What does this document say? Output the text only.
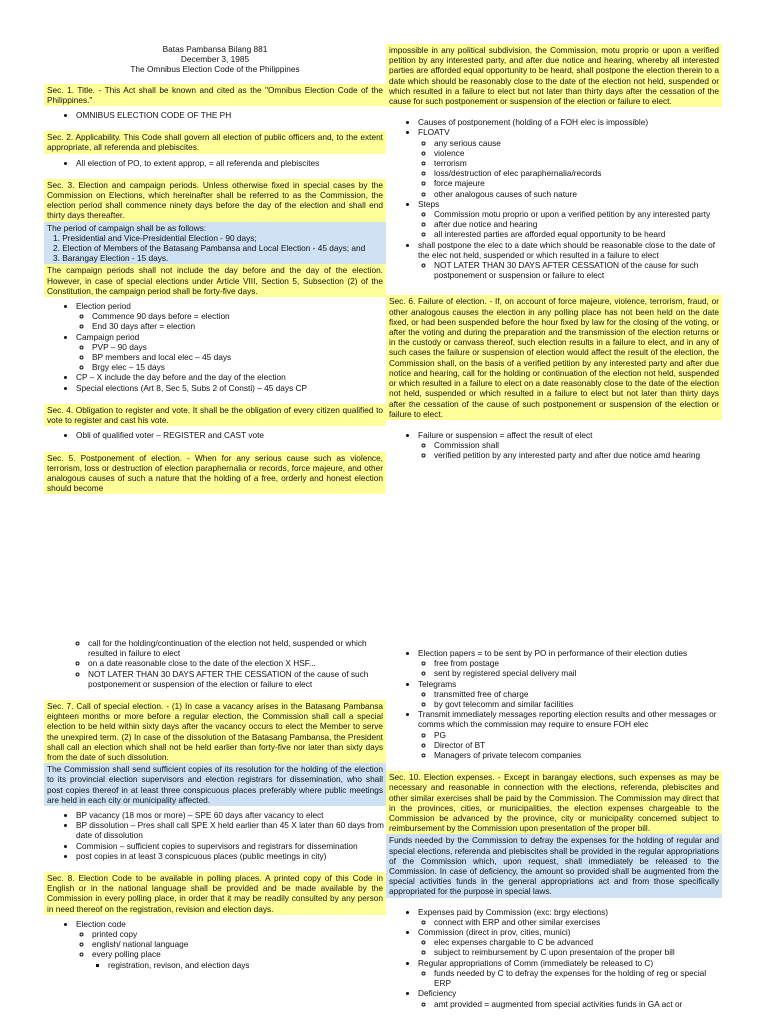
Batas Pambansa Bilang 881
December 3, 1985
The Omnibus Election Code of the Philippines

Sec. 1. Title. - This Act shall be known and cited as the "Omnibus Election Code of the Philippines."

• OMNIBUS ELECTION CODE OF THE PH

Sec. 2. Applicability. This Code shall govern all election of public officers and, to the extent appropriate, all referenda and plebiscites.

• All election of PO, to extent approp, = all referenda and plebiscites

Sec. 3. Election and campaign periods. Unless otherwise fixed in special cases by the Commission on Elections, which hereinafter shall be referred to as the Commission, the election period shall commence ninety days before the day of the election and shall end thirty days thereafter.

The period of campaign shall be as follows:
1. Presidential and Vice-Presidential Election - 90 days;
2. Election of Members of the Batasang Pambansa and Local Election - 45 days; and
3. Barangay Election - 15 days.

The campaign periods shall not include the day before and the day of the election. However, in case of special elections under Article VIII, Section 5, Subsection (2) of the Constitution, the campaign period shall be forty-five days.

• Election period
◦ Commence 90 days before = election
◦ End 30 days after = election
• Campaign period
◦ PVP – 90 days
◦ BP members and local elec – 45 days
◦ Brgy elec – 15 days
• CP – X include the day before and the day of the election
• Special elections (Art 8, Sec 5, Subs 2 of Consti) – 45 days CP

Sec. 4. Obligation to register and vote. It shall be the obligation of every citizen qualified to vote to register and cast his vote.

• Obli of qualified voter – REGISTER and CAST vote

Sec. 5. Postponement of election. - When for any serious cause such as violence, terrorism, loss or destruction of election paraphernalia or records, force majeure, and other analogous causes of such a nature that the holding of a free, orderly and honest election should become

impossible in any political subdivision, the Commission, motu proprio or upon a verified petition by any interested party, and after due notice and hearing, whereby all interested parties are afforded equal opportunity to be heard, shall postpone the election therein to a date which should be reasonably close to the date of the election not held, suspended or which resulted in a failure to elect but not later than thirty days after the cessation of the cause for such postponement or suspension of the election or failure to elect.

• Causes of postponement (holding of a FOH elec is impossible)
• FLOATV
◦ any serious cause
◦ violence
◦ terrorism
◦ loss/destruction of elec paraphernalia/records
◦ force majeure
◦ other analogous causes of such nature
• Steps
◦ Commission motu proprio or upon a verified petition by any interested party
◦ after due notice and hearing
◦ all interested parties are afforded equal opportunity to be heard
• shall postpone the elec to a date which should be reasonable close to the date of the elec not held, suspended or which resulted in a failure to elect
◦ NOT LATER THAN 30 DAYS AFTER CESSATION of the cause for such postponement or suspension or failure to elect

Sec. 6. Failure of election. - If, on account of force majeure, violence, terrorism, fraud, or other analogous causes the election in any polling place has not been held on the date fixed, or had been suspended before the hour fixed by law for the closing of the voting, or after the voting and during the preparation and the transmission of the election returns or in the custody or canvass thereof, such election results in a failure to elect, and in any of such cases the failure or suspension of election would affect the result of the election, the Commission shall, on the basis of a verified petition by any interested party and after due notice and hearing, call for the holding or continuation of the election not held, suspended or which resulted in a failure to elect on a date reasonably close to the date of the election not held, suspended or which resulted in a failure to elect but not later than thirty days after the cessation of the cause of such postponement or suspension of the election or failure to elect.

• Failure or suspension = affect the result of elect
◦ Commission shall
◦ verified petition by any interested party and after due notice amd hearing
◦ call for the holding/continuation of the election not held, suspended or which resulted in failure to elect
◦ on a date reasonable close to the date of the election X HSF...
◦ NOT LATER THAN 30 DAYS AFTER THE CESSATION of the cause of such postponement or suspension of the election or failure to elect

Sec. 7. Call of special election. - (1) In case a vacancy arises in the Batasang Pambansa eighteen months or more before a regular election, the Commission shall call a special election to be held within sixty days after the vacancy occurs to elect the Member to serve the unexpired term. (2) In case of the dissolution of the Batasang Pambansa, the President shall call an election which shall not be held earlier than forty-five nor later than sixty days from the date of such dissolution.

The Commission shall send sufficient copies of its resolution for the holding of the election to its provincial election supervisors and election registrars for dissemination, who shall post copies thereof in at least three conspicuous places preferably where public meetings are held in each city or municipality affected.

• BP vacancy (18 mos or more) – SPE 60 days after vacancy to elect
• BP dissolution – Pres shall call SPE X held earlier than 45 X later than 60 days from date of dissolution
• Commision – sufficient copies to supervisors and registrars for dissemination
• post copies in at least 3 conspicuous places (public meetings in city)

Sec. 8. Election Code to be available in polling places. A printed copy of this Code in English or in the national language shall be provided and be made available by the Commission in every polling place, in order that it may be readily consulted by any person in need thereof on the registration, revision and election days.

• Election code
◦ printed copy
◦ english/ national language
◦ every polling place
▪ registration, revison, and election days
• Election papers = to be sent by PO in performance of their election duties
◦ free from postage
◦ sent by registered special delivery mail
• Telegrams
◦ transmitted free of charge
◦ by govt telecomm and similar facilities
• Transmit immediately messages reporting election results and other messages or comms which the commission may require to ensure FOH elec
◦ PG
◦ Director of BT
◦ Managers of private telecom companies

Sec. 10. Election expenses. - Except in barangay elections, such expenses as may be necessary and reasonable in connection with the elections, referenda, plebiscites and other similar exercises shall be paid by the Commission. The Commission may direct that in the provinces, cities, or municipalities, the election expenses chargeable to the Commission be advanced by the province, city or municipality concerned subject to reimbursement by the Commission upon presentation of the proper bill.

Funds needed by the Commission to defray the expenses for the holding of regular and special elections, referenda and plebiscites shall be provided in the regular appropriations of the Commission which, upon request, shall immediately be released to the Commission. In case of deficiency, the amount so provided shall be augmented from the special activities funds in the general appropriations act and from those specifically appropriated for the purpose in special laws.

• Expenses paid by Commission (exc: brgy elections)
◦ connect with ERP and other similar exercises
• Commission (direct in prov, cities, munici)
◦ elec expenses chargable to C be advanced
◦ subject to reimbursement by C upon presentaion of the proper bill
• Regular appropriations of Comm (immediately be released to C)
◦ funds needed by C to defray the expenses for the holding of reg or special ERP
• Deficiency
◦ amt provided = augmented from special activities funds in GA act or
